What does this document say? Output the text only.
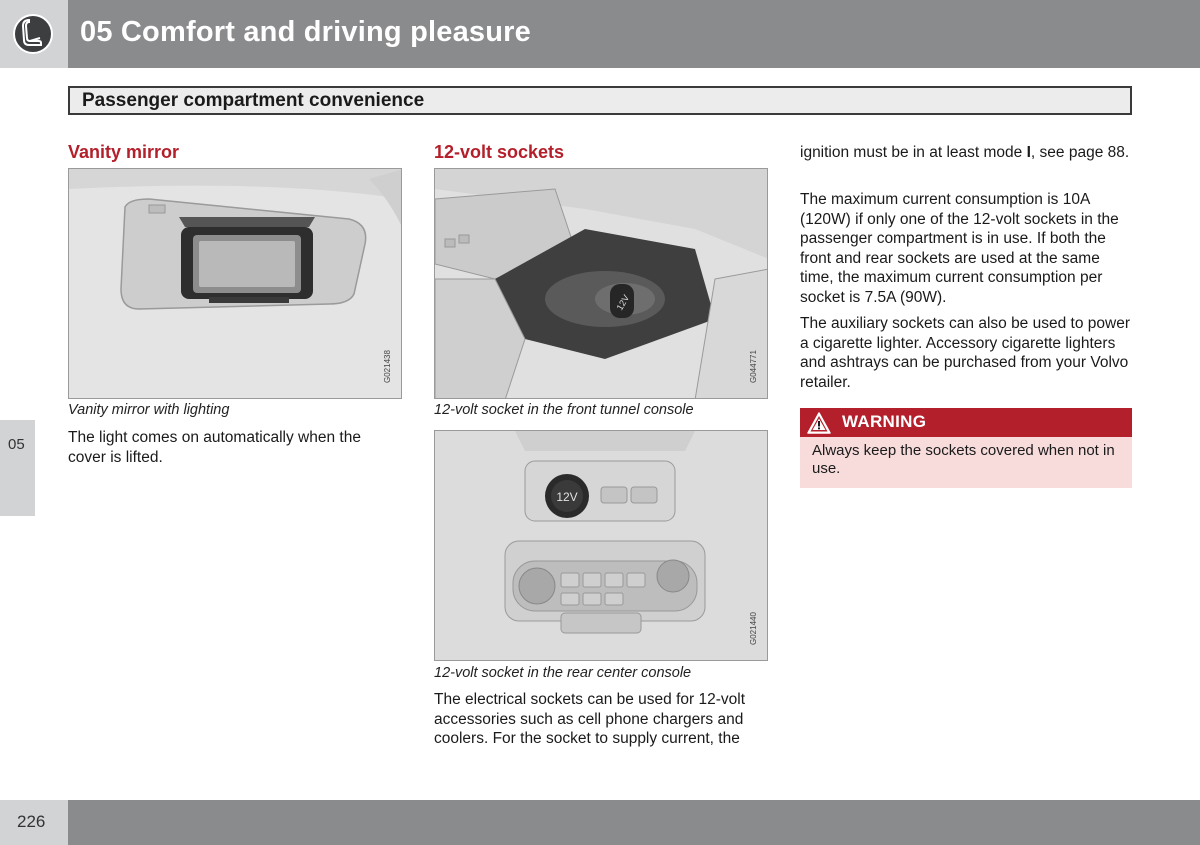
05 Comfort and driving pleasure
Passenger compartment convenience
05
Vanity mirror
G021438
Vanity mirror with lighting
The light comes on automatically when the cover is lifted.
12-volt sockets
12V
G044771
12-volt socket in the front tunnel console
12V
G021440
12-volt socket in the rear center console
The electrical sockets can be used for 12-volt accessories such as cell phone chargers and coolers. For the socket to supply current, the
ignition must be in at least mode I, see page 88.
The maximum current consumption is 10A (120W) if only one of the 12-volt sockets in the passenger compartment is in use. If both the front and rear sockets are used at the same time, the maximum current consumption per socket is 7.5A (90W).
The auxiliary sockets can also be used to power a cigarette lighter. Accessory cigarette lighters and ashtrays can be purchased from your Volvo retailer.
WARNING
Always keep the sockets covered when not in use.
226
